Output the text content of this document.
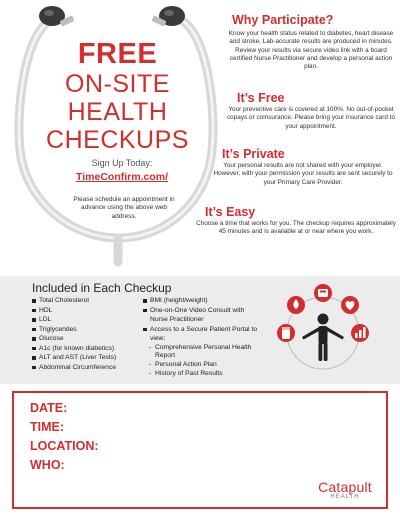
FREE
ON-SITE
HEALTH
CHECKUPS
Sign Up Today:
TimeConfirm.com/
Please schedule an appointment in advance using the above web address.
Why Participate?
Know your health status related to diabetes, heart disease and stroke. Lab-accurate results are produced in minutes. Review your results via secure video link with a board certified Nurse Practitioner and develop a personal action plan.
It’s Free
Your preventive care is covered at 100%. No out-of-pocket copays or coinsurance. Please bring your insurance card to your appointment.
It’s Private
Your personal results are not shared with your employer. However, with your permission your results are sent securely to your Primary Care Provider.
It’s Easy
Choose a time that works for you. The checkup requires approximately 45 minutes and is available at or near where you work.
Included in Each Checkup
Total Cholesterol
HDL
LDL
Triglycerides
Glucose
A1c (for known diabetics)
ALT and AST (Liver Tests)
Abdominal Circumference
BMI (height/weight)
One-on-One Video Consult with Nurse Practitioner
Access to a Secure Patient Portal to view:
- Comprehensive Personal Health Report
- Personal Action Plan
- History of Past Results
DATE:
TIME:
LOCATION:
WHO:
Catapult
HEALTH
